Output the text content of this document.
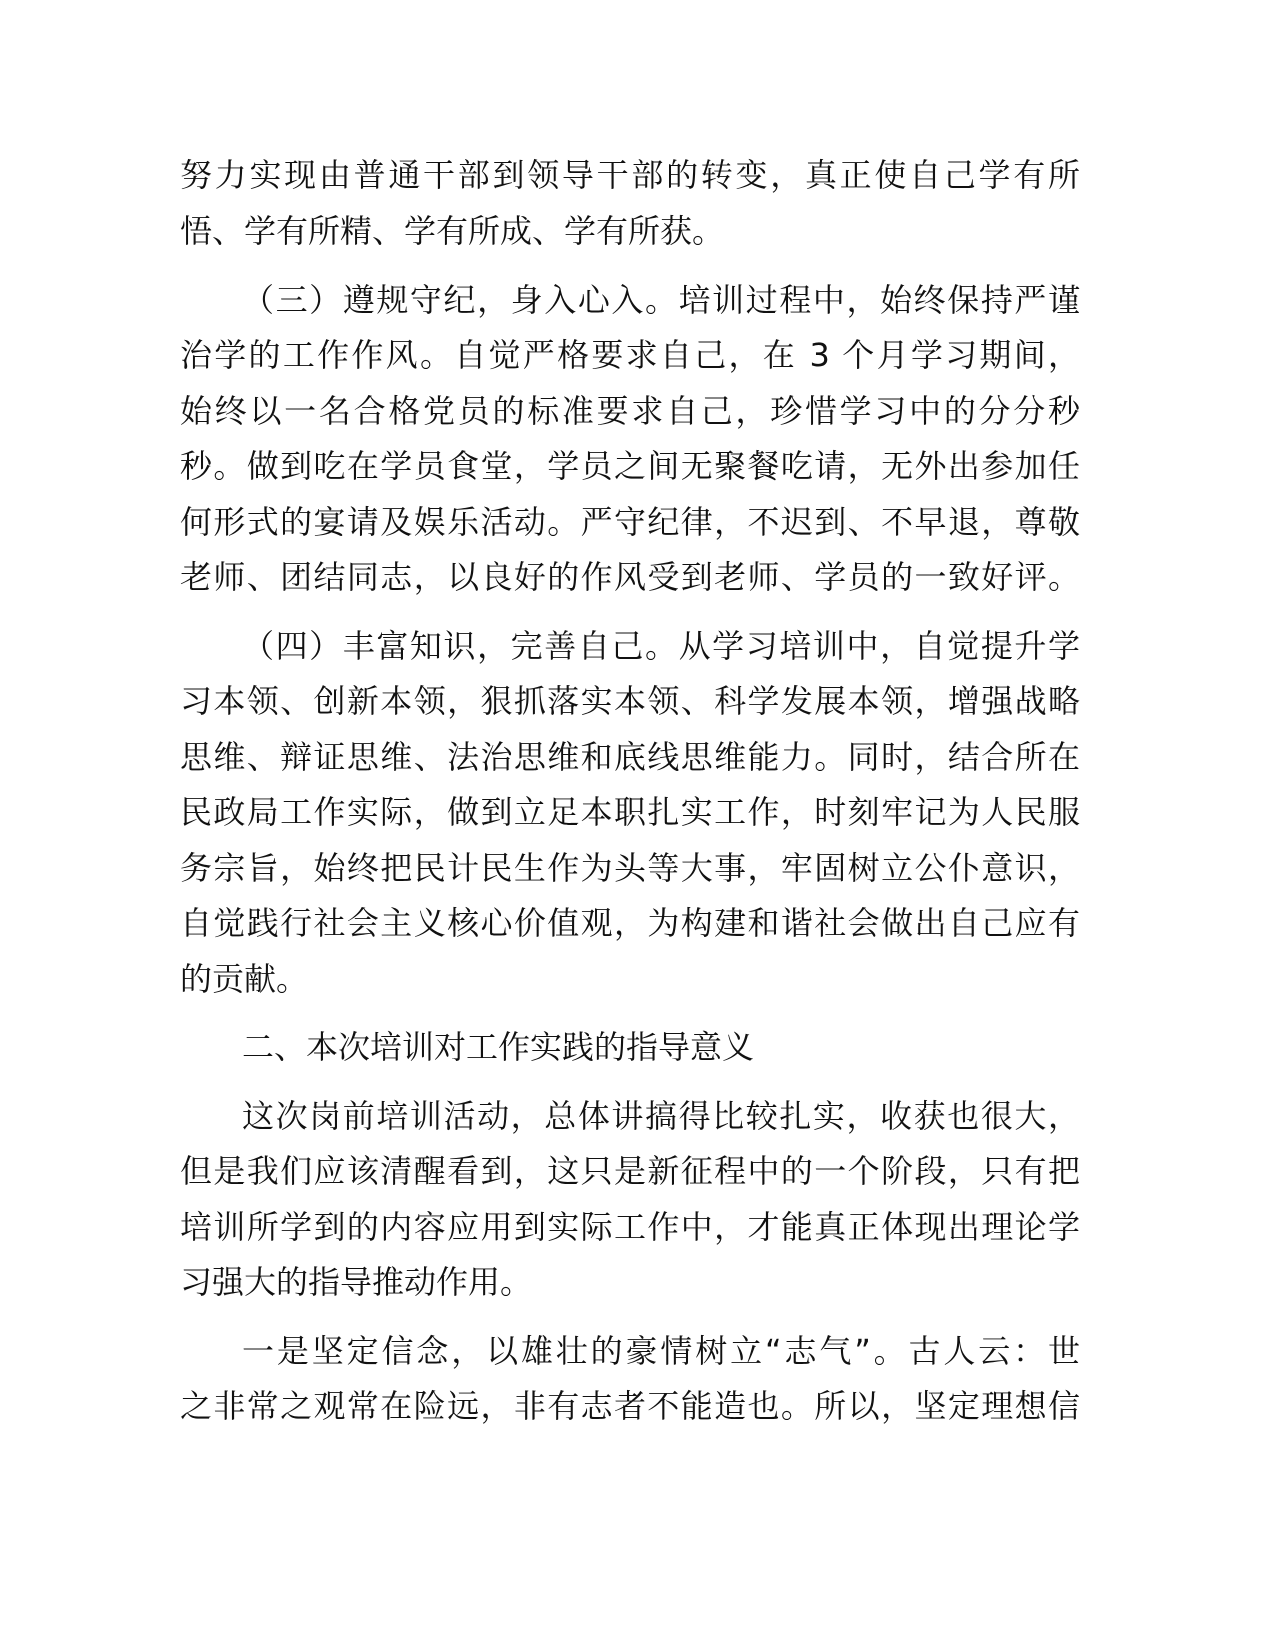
努力实现由普通干部到领导干部的转变，真正使自己学有所

悟、学有所精、学有所成、学有所获。

（三）遵规守纪，身入心入。培训过程中，始终保持严谨

治学的工作作风。自觉严格要求自己，在 3 个月学习期间，

始终以一名合格党员的标准要求自己，珍惜学习中的分分秒

秒。做到吃在学员食堂，学员之间无聚餐吃请，无外出参加任

何形式的宴请及娱乐活动。严守纪律，不迟到、不早退，尊敬

老师、团结同志，以良好的作风受到老师、学员的一致好评。

（四）丰富知识，完善自己。从学习培训中，自觉提升学

习本领、创新本领，狠抓落实本领、科学发展本领，增强战略

思维、辩证思维、法治思维和底线思维能力。同时，结合所在

民政局工作实际，做到立足本职扎实工作，时刻牢记为人民服

务宗旨，始终把民计民生作为头等大事，牢固树立公仆意识，

自觉践行社会主义核心价值观，为构建和谐社会做出自己应有

的贡献。

二、本次培训对工作实践的指导意义

这次岗前培训活动，总体讲搞得比较扎实，收获也很大，

但是我们应该清醒看到，这只是新征程中的一个阶段，只有把

培训所学到的内容应用到实际工作中，才能真正体现出理论学

习强大的指导推动作用。

一是坚定信念，以雄壮的豪情树立“志气”。古人云：世

之非常之观常在险远，非有志者不能造也。所以，坚定理想信
